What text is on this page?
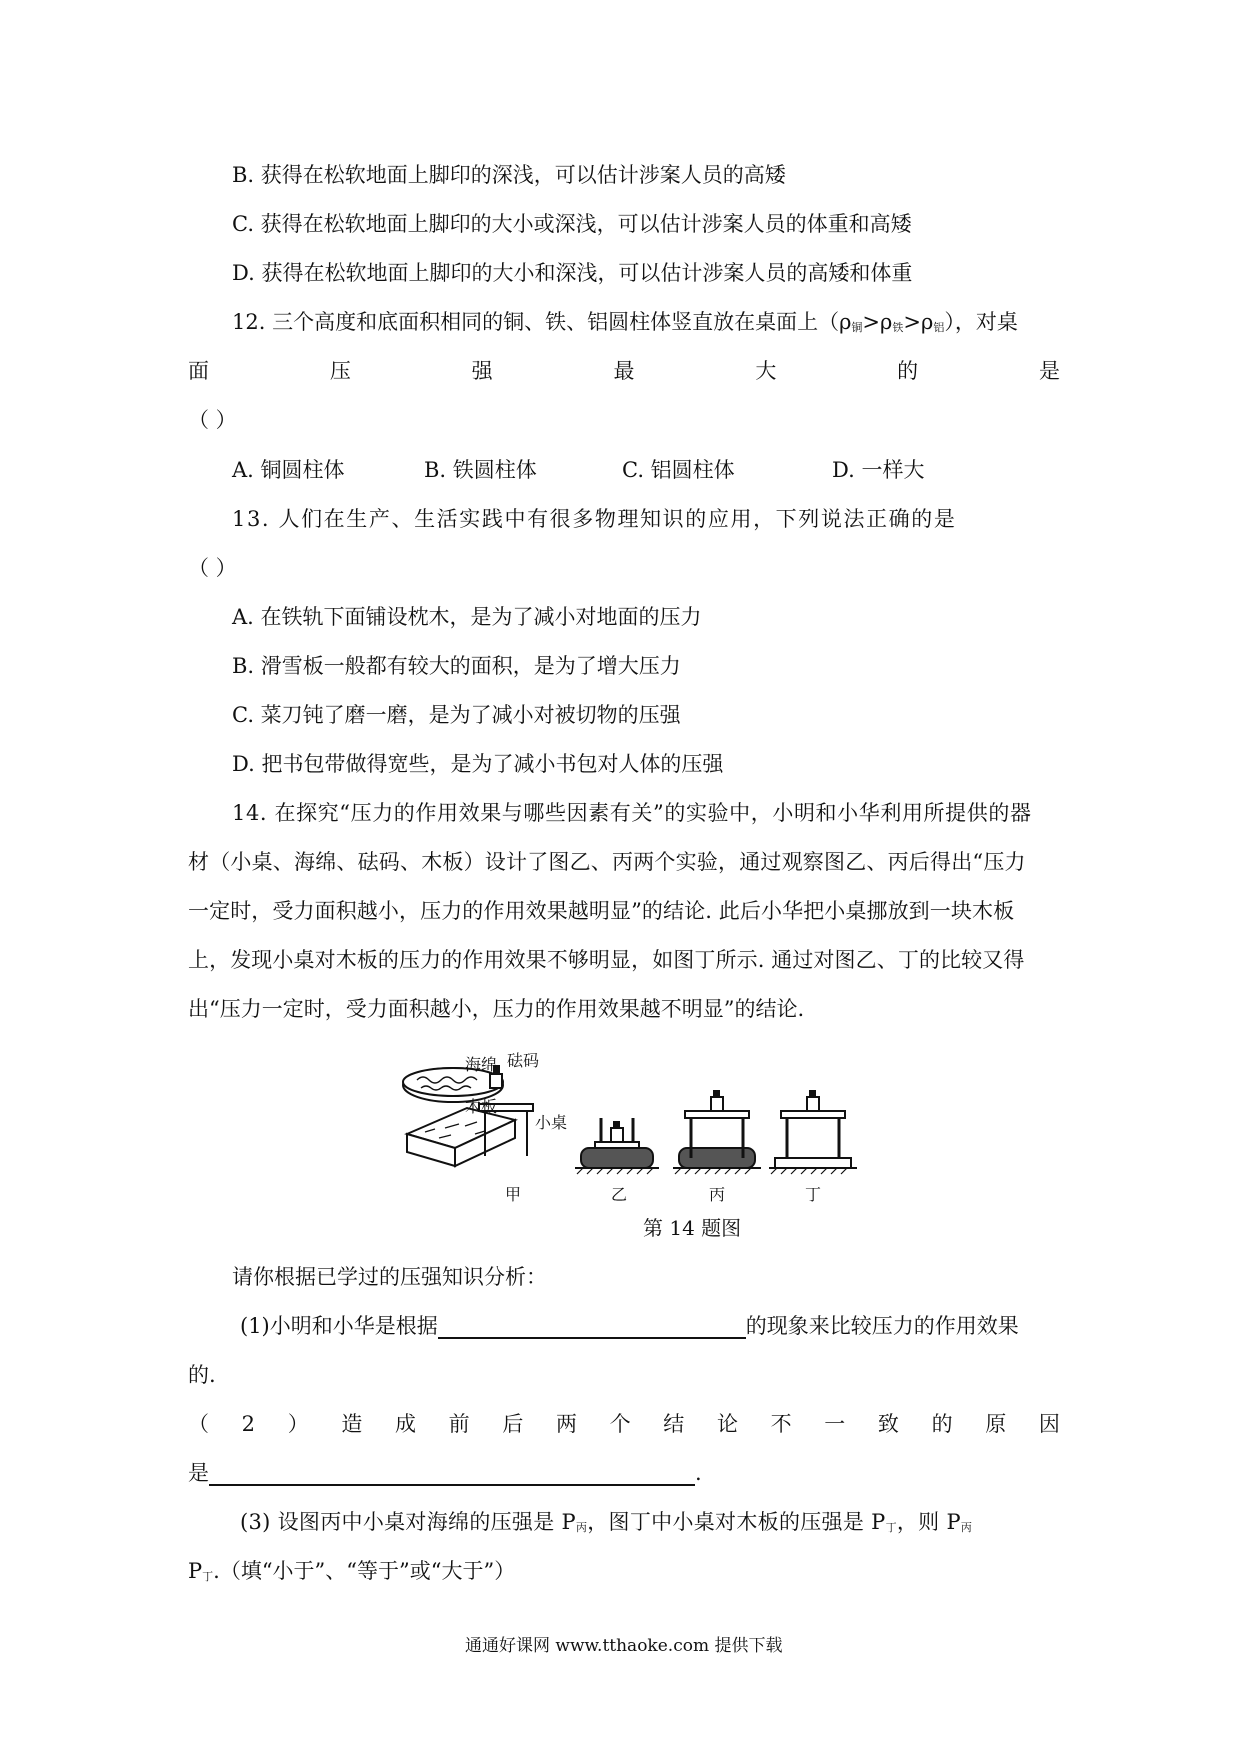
B. 获得在松软地面上脚印的深浅，可以估计涉案人员的高矮
C. 获得在松软地面上脚印的大小或深浅，可以估计涉案人员的体重和高矮
D. 获得在松软地面上脚印的大小和深浅，可以估计涉案人员的高矮和体重
12. 三个高度和底面积相同的铜、铁、铝圆柱体竖直放在桌面上$(\rho_铜>\rho_铁>\rho_铝)$，对桌
面	压	强	最	大	的	是
（ ）
A. 铜圆柱体	B. 铁圆柱体	C. 铝圆柱体	D. 一样大
13. 人们在生产、生活实践中有很多物理知识的应用，下列说法正确的是
（ ）
A. 在铁轨下面铺设枕木，是为了减小对地面的压力
B. 滑雪板一般都有较大的面积，是为了增大压力
C. 菜刀钝了磨一磨，是为了减小对被切物的压强
D. 把书包带做得宽些，是为了减小书包对人体的压强
14. 在探究“压力的作用效果与哪些因素有关”的实验中，小明和小华利用所提供的器
材（小桌、海绵、砝码、木板）设计了图乙、丙两个实验，通过观察图乙、丙后得出“压力
一定时，受力面积越小，压力的作用效果越明显”的结论. 此后小华把小桌挪放到一块木板
上，发现小桌对木板的压力的作用效果不够明显，如图丁所示. 通过对图乙、丁的比较又得
出“压力一定时，受力面积越小，压力的作用效果越不明显”的结论.
海绵 砝码
木板
小桌
甲	乙	丙	丁
第 14 题图
请你根据已学过的压强知识分析：
(1)小明和小华是根据	的现象来比较压力的作用效果
的.
（ 2 ） 造 成 前 后 两 个 结 论 不 一 致 的 原 因
是	.
(3) 设图丙中小桌对海绵的压强是 $P_丙$，图丁中小桌对木板的压强是 $P_丁$，则 $P_丙$
$P_丁$.（填“小于”、“等于”或“大于”）
通通好课网 www.tthaoke.com 提供下载
